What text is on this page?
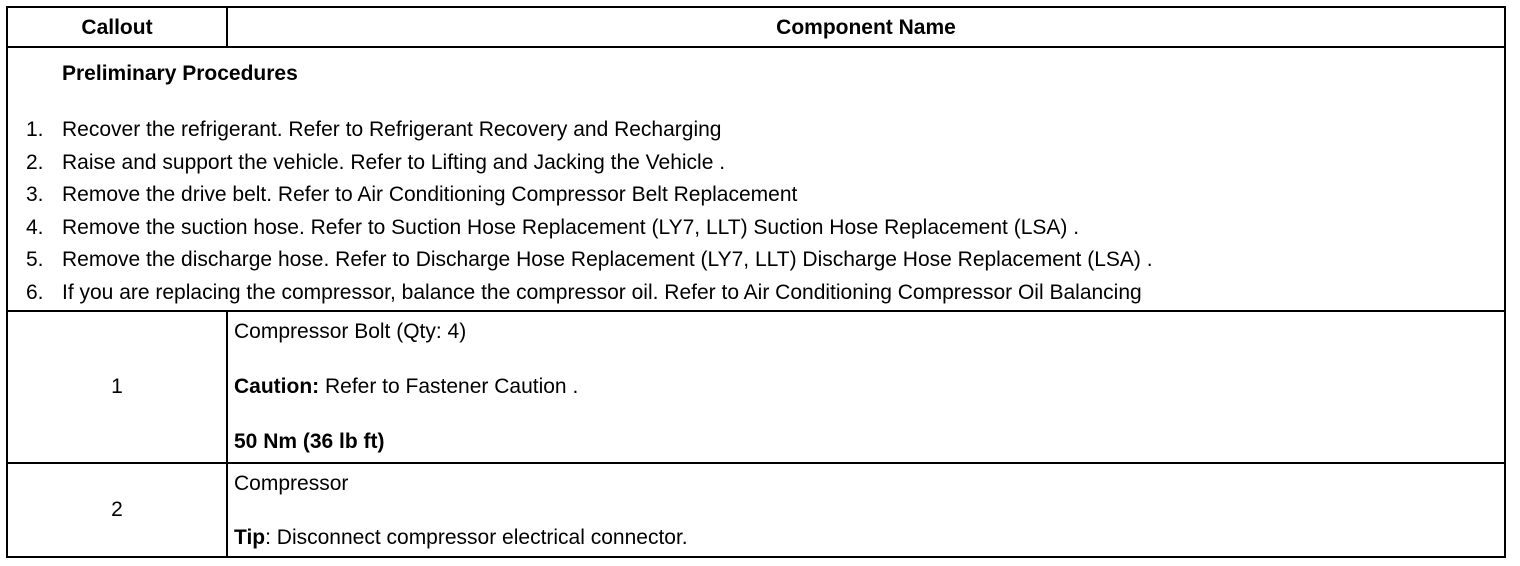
Callout	Component Name
Preliminary Procedures
1. Recover the refrigerant. Refer to Refrigerant Recovery and Recharging
2. Raise and support the vehicle. Refer to Lifting and Jacking the Vehicle .
3. Remove the drive belt. Refer to Air Conditioning Compressor Belt Replacement
4. Remove the suction hose. Refer to Suction Hose Replacement (LY7, LLT) Suction Hose Replacement (LSA) .
5. Remove the discharge hose. Refer to Discharge Hose Replacement (LY7, LLT) Discharge Hose Replacement (LSA) .
6. If you are replacing the compressor, balance the compressor oil. Refer to Air Conditioning Compressor Oil Balancing
1
Compressor Bolt (Qty: 4)
Caution: Refer to Fastener Caution .
50 Nm (36 lb ft)
2
Compressor
Tip: Disconnect compressor electrical connector.
